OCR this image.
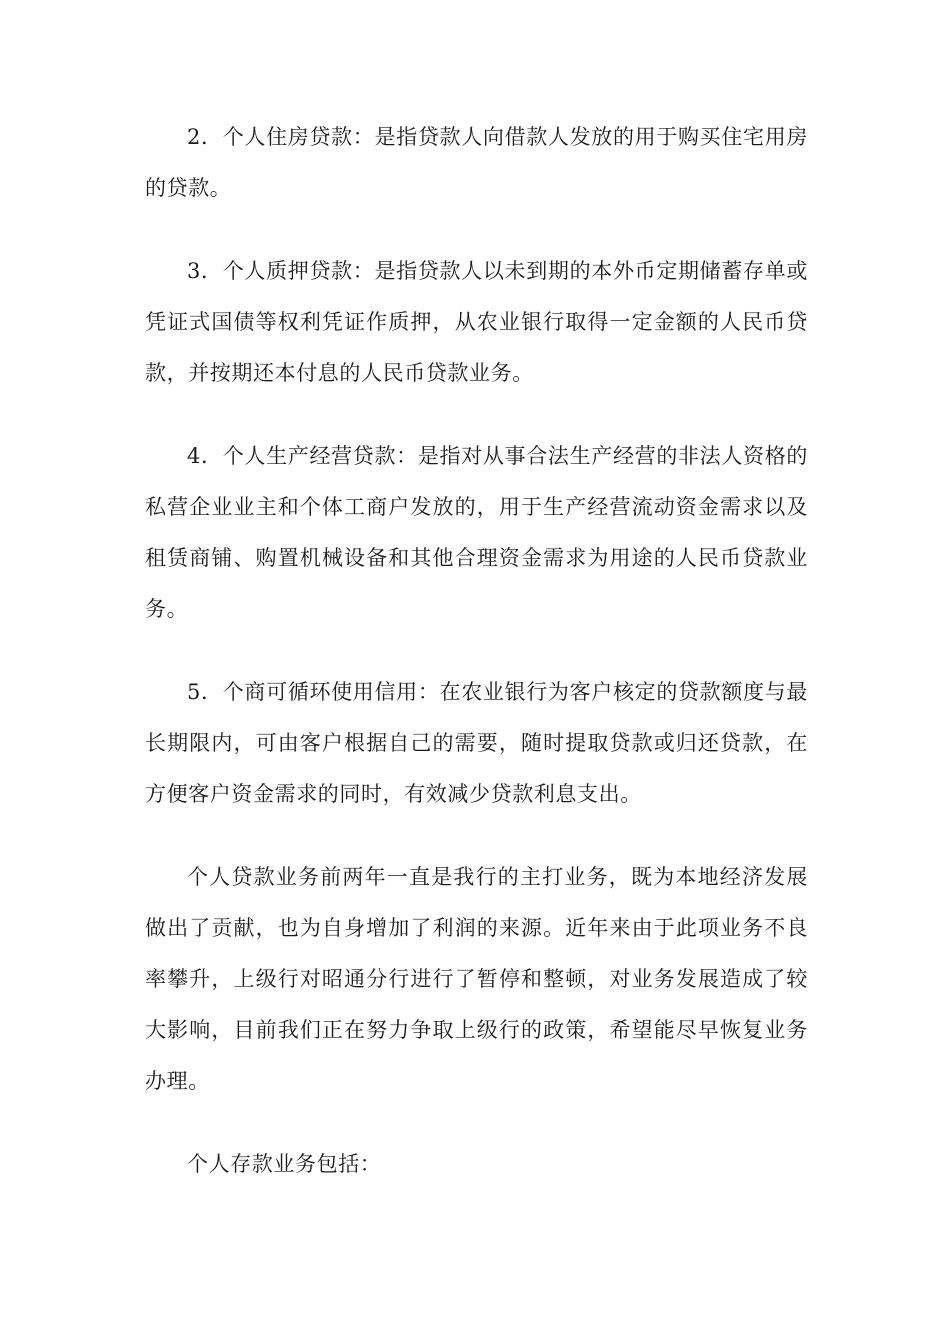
2．个人住房贷款：是指贷款人向借款人发放的用于购买住宅用房的贷款。

3．个人质押贷款：是指贷款人以未到期的本外币定期储蓄存单或凭证式国债等权利凭证作质押，从农业银行取得一定金额的人民币贷款，并按期还本付息的人民币贷款业务。

4．个人生产经营贷款：是指对从事合法生产经营的非法人资格的私营企业业主和个体工商户发放的，用于生产经营流动资金需求以及租赁商铺、购置机械设备和其他合理资金需求为用途的人民币贷款业务。

5．个商可循环使用信用：在农业银行为客户核定的贷款额度与最长期限内，可由客户根据自己的需要，随时提取贷款或归还贷款，在方便客户资金需求的同时，有效减少贷款利息支出。

个人贷款业务前两年一直是我行的主打业务，既为本地经济发展做出了贡献，也为自身增加了利润的来源。近年来由于此项业务不良率攀升，上级行对昭通分行进行了暂停和整顿，对业务发展造成了较大影响，目前我们正在努力争取上级行的政策，希望能尽早恢复业务办理。

个人存款业务包括：
